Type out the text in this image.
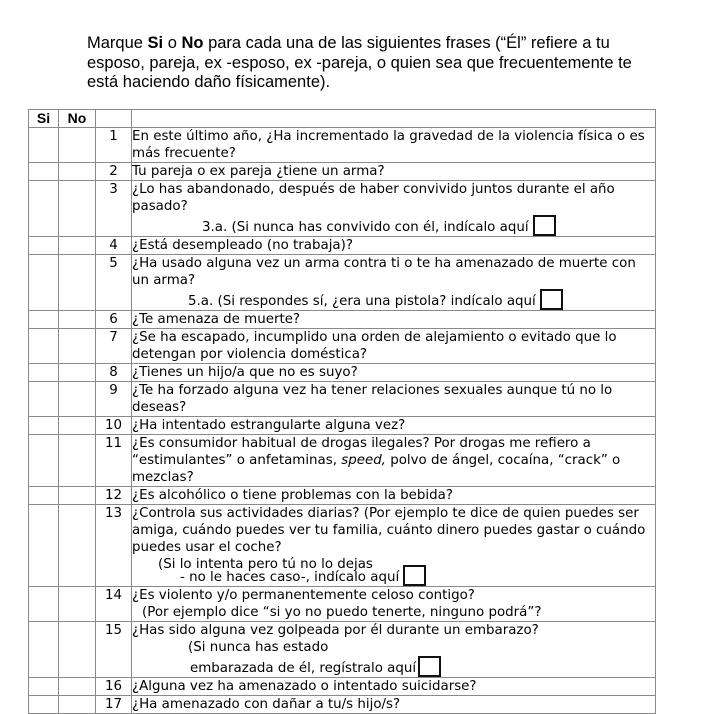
Marque Si o No para cada una de las siguientes frases (“Él” refiere a tu esposo, pareja, ex -esposo, ex -pareja, o quien sea que frecuentemente te está haciendo daño físicamente).
Si	No		
		1	En este último año, ¿Ha incrementado la gravedad de la violencia física o es más frecuente?
		2	Tu pareja o ex pareja ¿tiene un arma?
		3	¿Lo has abandonado, después de haber convivido juntos durante el año pasado?
3.a. (Si nunca has convivido con él, indícalo aquí

		4	¿Está desempleado (no trabaja)?
		5	¿Ha usado alguna vez un arma contra ti o te ha amenazado de muerte con un arma?
5.a. (Si respondes sí, ¿era una pistola? indícalo aquí

		6	¿Te amenaza de muerte?
		7	¿Se ha escapado, incumplido una orden de alejamiento o evitado que lo detengan por violencia doméstica?
		8	¿Tienes un hijo/a que no es suyo?
		9	¿Te ha forzado alguna vez ha tener relaciones sexuales aunque tú no lo deseas?
		10	¿Ha intentado estrangularte alguna vez?
		11	¿Es consumidor habitual de drogas ilegales? Por drogas me refiero a “estimulantes” o anfetaminas, speed, polvo de ángel, cocaína, “crack” o mezclas?
		12	¿Es alcohólico o tiene problemas con la bebida?
		13	¿Controla sus actividades diarias? (Por ejemplo te dice de quien puedes ser amiga, cuándo puedes ver tu familia, cuánto dinero puedes gastar o cuándo puedes usar el coche?
(Si lo intenta pero tú no lo dejas
- no le haces caso-, indícalo aquí

		14	¿Es violento y/o permanentemente celoso contigo?
(Por ejemplo dice “si yo no puedo tenerte, ninguno podrá”?

		15	¿Has sido alguna vez golpeada por él durante un embarazo?
(Si nunca has estado
embarazada de él, regístralo aquí

		16	¿Alguna vez ha amenazado o intentado suicidarse?
		17	¿Ha amenazado con dañar a tu/s hijo/s?
